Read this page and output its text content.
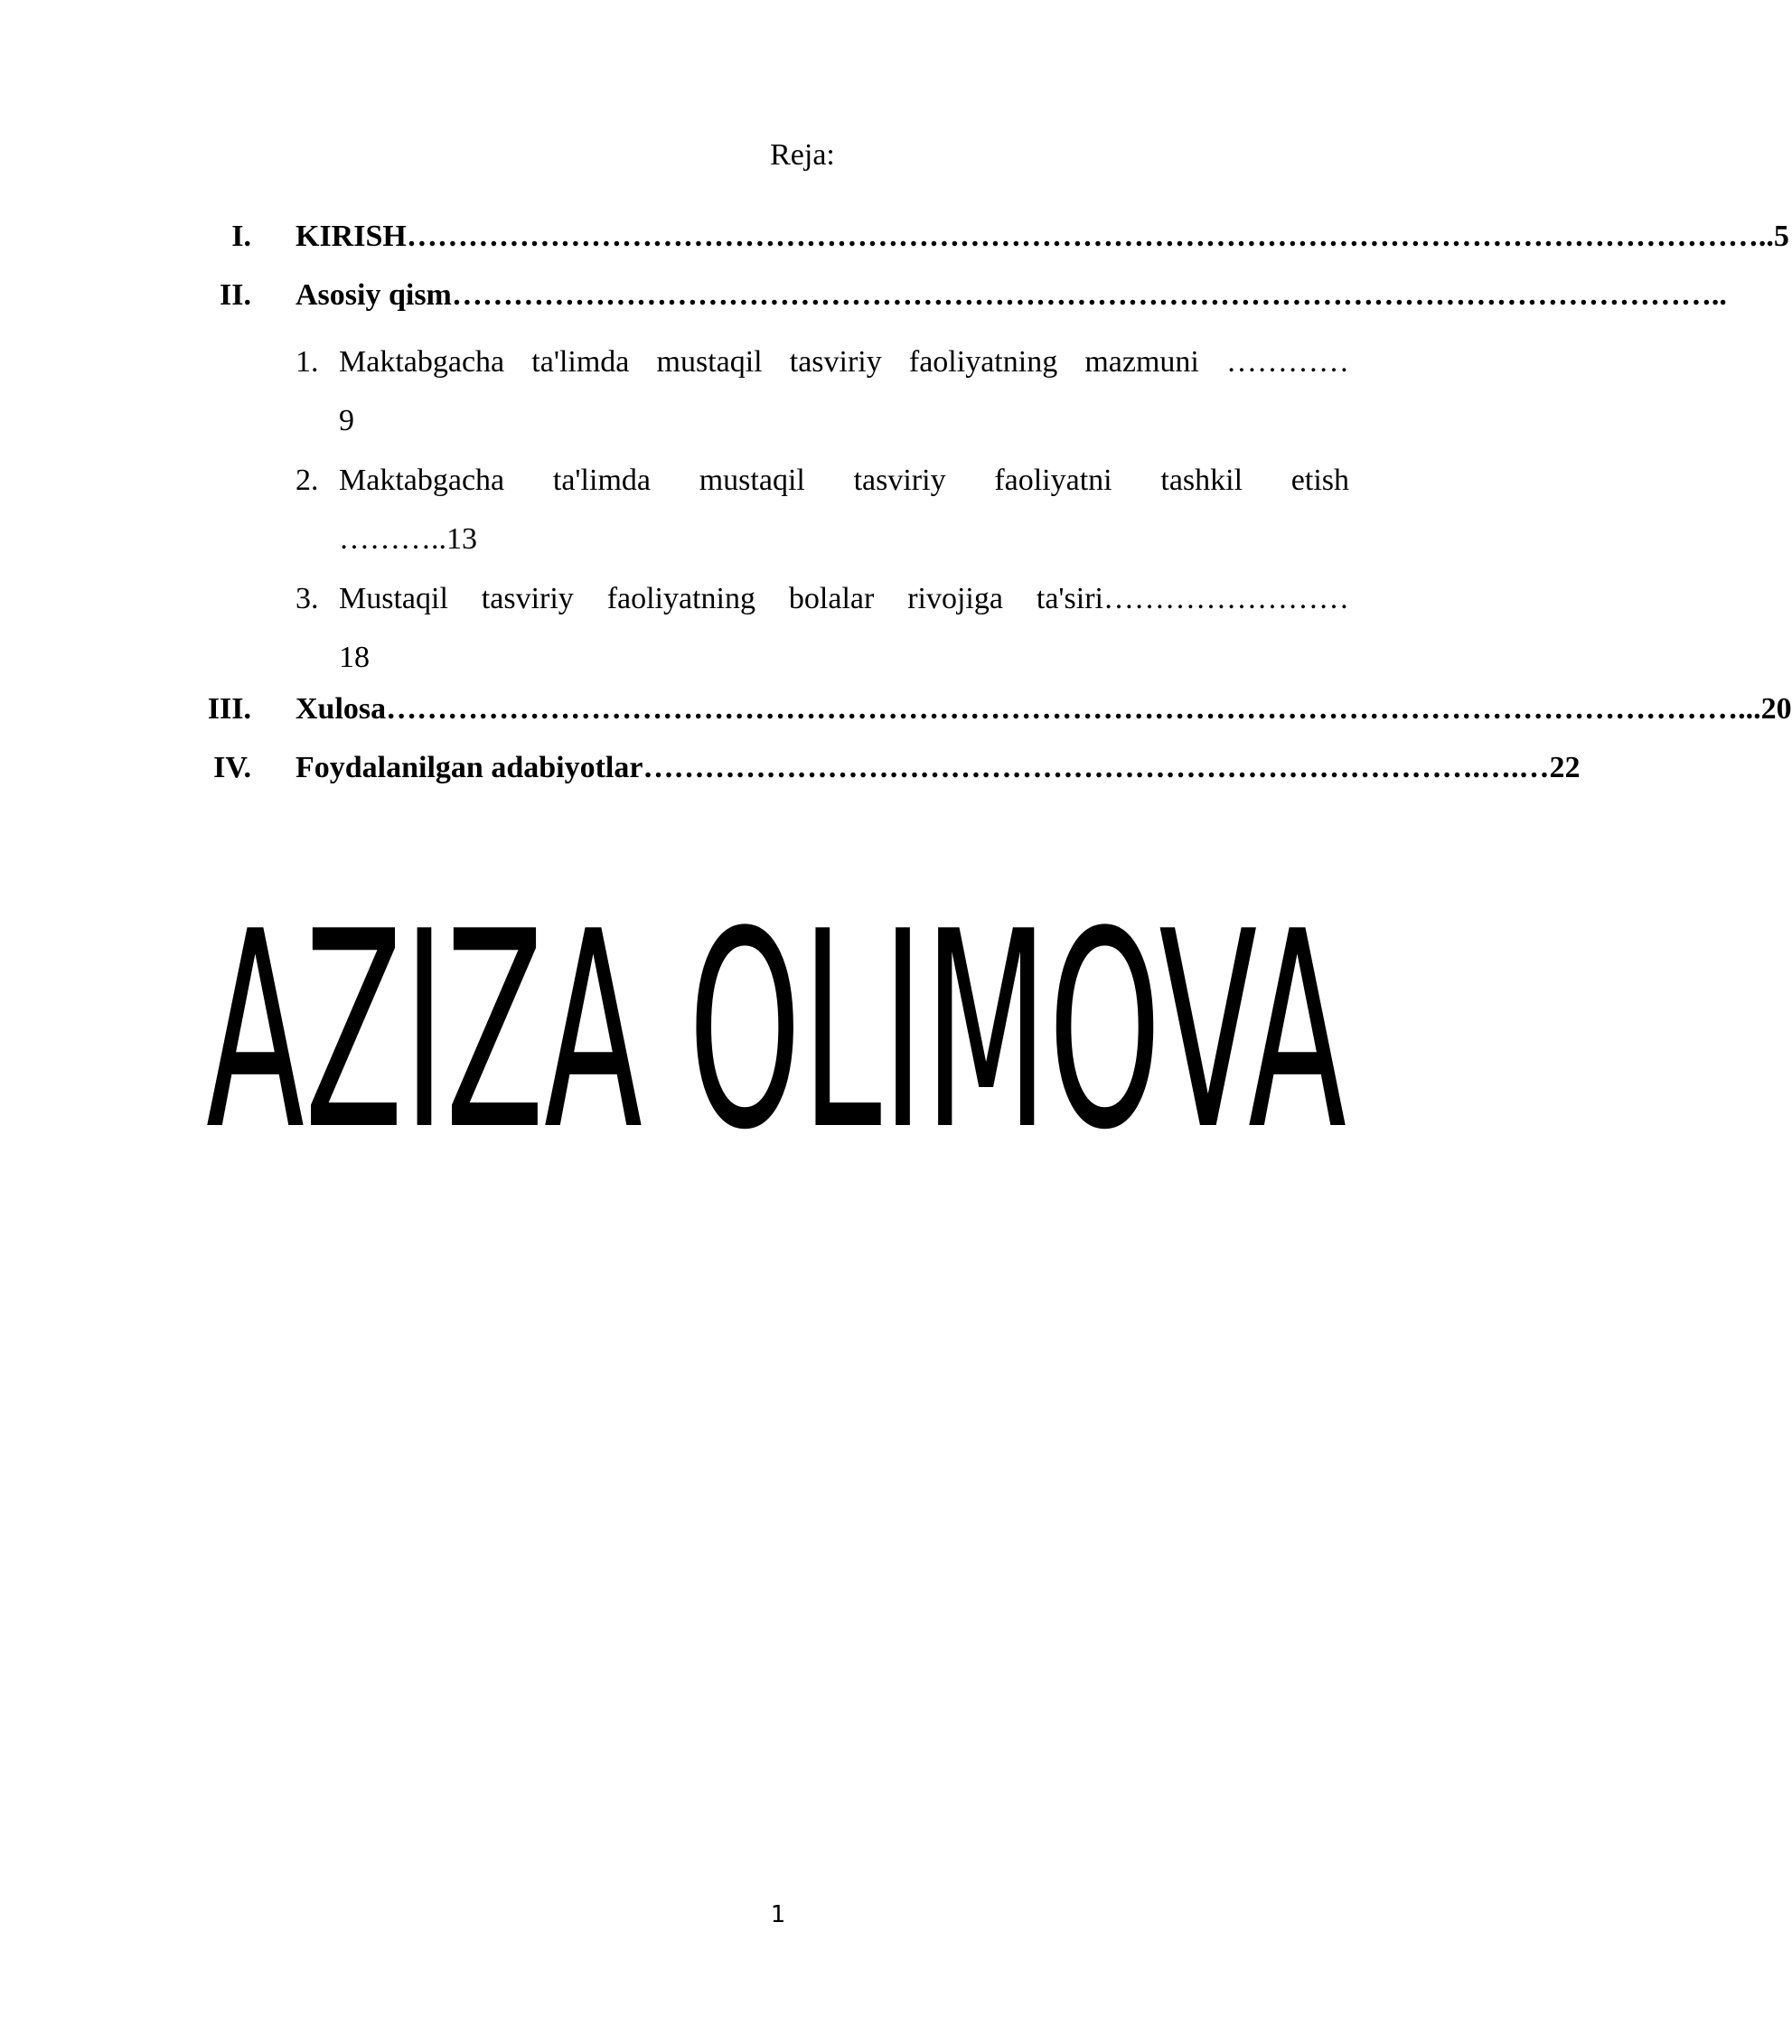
Reja:
I. KIRISH……………………………………………………………………………………………………………………..5
II. Asosiy qism……………………………………………………………………………………………………………..
1. Maktabgacha ta'limda mustaqil tasviriy faoliyatning mazmuni …………
9
2. Maktabgacha ta'limda mustaqil tasviriy faoliyatni tashkil etish
………..13
3. Mustaqil tasviriy faoliyatning bolalar rivojiga ta'siri……………………
18
III. Xulosa……………………………………………………………………………………………………………………...20
IV. Foydalanilgan adabiyotlar……………………………………………………………………….….…22
AZIZA OLIMOVA
1
